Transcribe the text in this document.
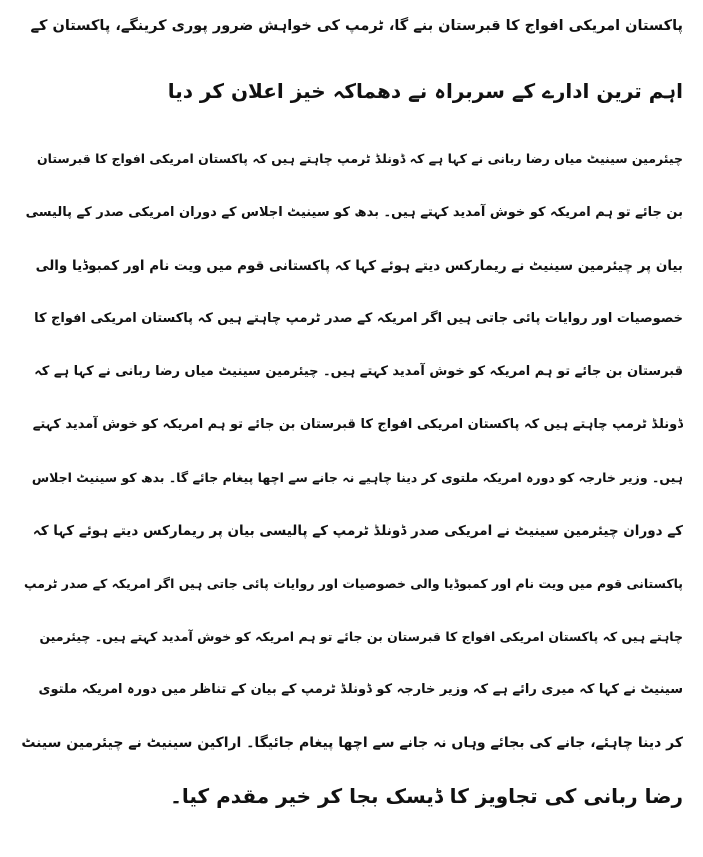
پاکستان امریکی افواج کا قبرستان بنے گا، ٹرمپ کی خواہش ضرور پوری کرینگے، پاکستان کے
اہم ترین ادارے کے سربراہ نے دھماکہ خیز اعلان کر دیا
چیئرمین سینیٹ میاں رضا ربانی نے کہا ہے کہ ڈونلڈ ٹرمپ چاہتے ہیں کہ پاکستان امریکی افواج کا قبرستان
بن جائے تو ہم امریکہ کو خوش آمدید کہتے ہیں۔ بدھ کو سینیٹ اجلاس کے دوران امریکی صدر کے پالیسی
بیان پر چیئرمین سینیٹ نے ریمارکس دیتے ہوئے کہا کہ پاکستانی قوم میں ویت نام اور کمبوڈیا والی
خصوصیات اور روایات پائی جاتی ہیں اگر امریکہ کے صدر ٹرمپ چاہتے ہیں کہ پاکستان امریکی افواج کا
قبرستان بن جائے تو ہم امریکہ کو خوش آمدید کہتے ہیں۔ چیئرمین سینیٹ میاں رضا ربانی نے کہا ہے کہ
ڈونلڈ ٹرمپ چاہتے ہیں کہ پاکستان امریکی افواج کا قبرستان بن جائے تو ہم امریکہ کو خوش آمدید کہتے
ہیں۔ وزیر خارجہ کو دورہ امریکہ ملتوی کر دینا چاہیے نہ جانے سے اچھا پیغام جائے گا۔ بدھ کو سینیٹ اجلاس
کے دوران چیئرمین سینیٹ نے امریکی صدر ڈونلڈ ٹرمپ کے پالیسی بیان پر ریمارکس دیتے ہوئے کہا کہ
پاکستانی قوم میں ویت نام اور کمبوڈیا والی خصوصیات اور روایات پائی جاتی ہیں اگر امریکہ کے صدر ٹرمپ
چاہتے ہیں کہ پاکستان امریکی افواج کا قبرستان بن جائے تو ہم امریکہ کو خوش آمدید کہتے ہیں۔ چیئرمین
سینیٹ نے کہا کہ میری رائے ہے کہ وزیر خارجہ کو ڈونلڈ ٹرمپ کے بیان کے تناظر میں دورہ امریکہ ملتوی
کر دینا چاہئے، جانے کی بجائے وہاں نہ جانے سے اچھا پیغام جائیگا۔ اراکین سینیٹ نے چیئرمین سینٹ
رضا ربانی کی تجاویز کا ڈیسک بجا کر خیر مقدم کیا۔
